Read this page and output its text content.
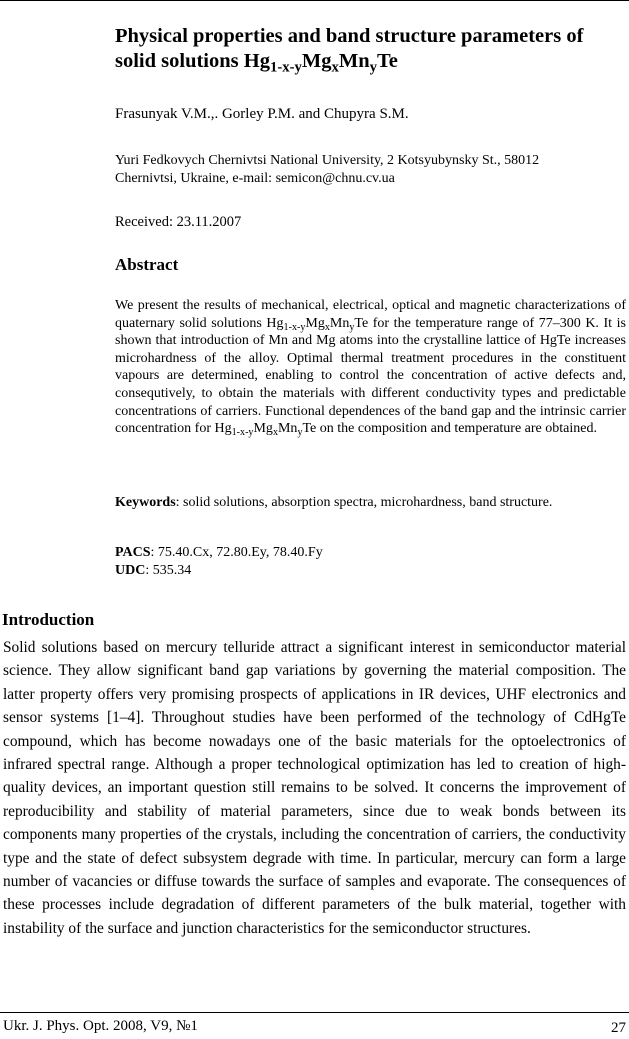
Physical properties and band structure parameters of solid solutions $Hg_{1-x-y}Mg_xMn_yTe$

Frasunyak V.M.,. Gorley P.M. and Chupyra S.M.

Yuri Fedkovych Chernivtsi National University, 2 Kotsyubynsky St., 58012
Chernivtsi, Ukraine, e-mail: semicon@chnu.cv.ua

Received: 23.11.2007

Abstract

We present the results of mechanical, electrical, optical and magnetic characterizations of quaternary solid solutions $Hg_{1-x-y}Mg_xMn_yTe$ for the temperature range of 77–300 K. It is shown that introduction of Mn and Mg atoms into the crystalline lattice of HgTe increases microhardness of the alloy. Optimal thermal treatment procedures in the constituent vapours are determined, enabling to control the concentration of active defects and, consequtively, to obtain the materials with different conductivity types and predictable concentrations of carriers. Functional dependences of the band gap and the intrinsic carrier concentration for $Hg_{1-x-y}Mg_xMn_yTe$ on the composition and temperature are obtained.

Keywords: solid solutions, absorption spectra, microhardness, band structure.

PACS: 75.40.Cx, 72.80.Ey, 78.40.Fy
UDC: 535.34

Introduction

Solid solutions based on mercury telluride attract a significant interest in semiconductor material science. They allow significant band gap variations by governing the material composition. The latter property offers very promising prospects of applications in IR devices, UHF electronics and sensor systems [1–4]. Throughout studies have been performed of the technology of CdHgTe compound, which has become nowadays one of the basic materials for the optoelectronics of infrared spectral range. Although a proper technological optimization has led to creation of high-quality devices, an important question still remains to be solved. It concerns the improvement of reproducibility and stability of material parameters, since due to weak bonds between its components many properties of the crystals, including the concentration of carriers, the conductivity type and the state of defect subsystem degrade with time. In particular, mercury can form a large number of vacancies or diffuse towards the surface of samples and evaporate. The consequences of these processes include degradation of different parameters of the bulk material, together with instability of the surface and junction characteristics for the semiconductor structures.

Ukr. J. Phys. Opt. 2008, V9, №1	27
